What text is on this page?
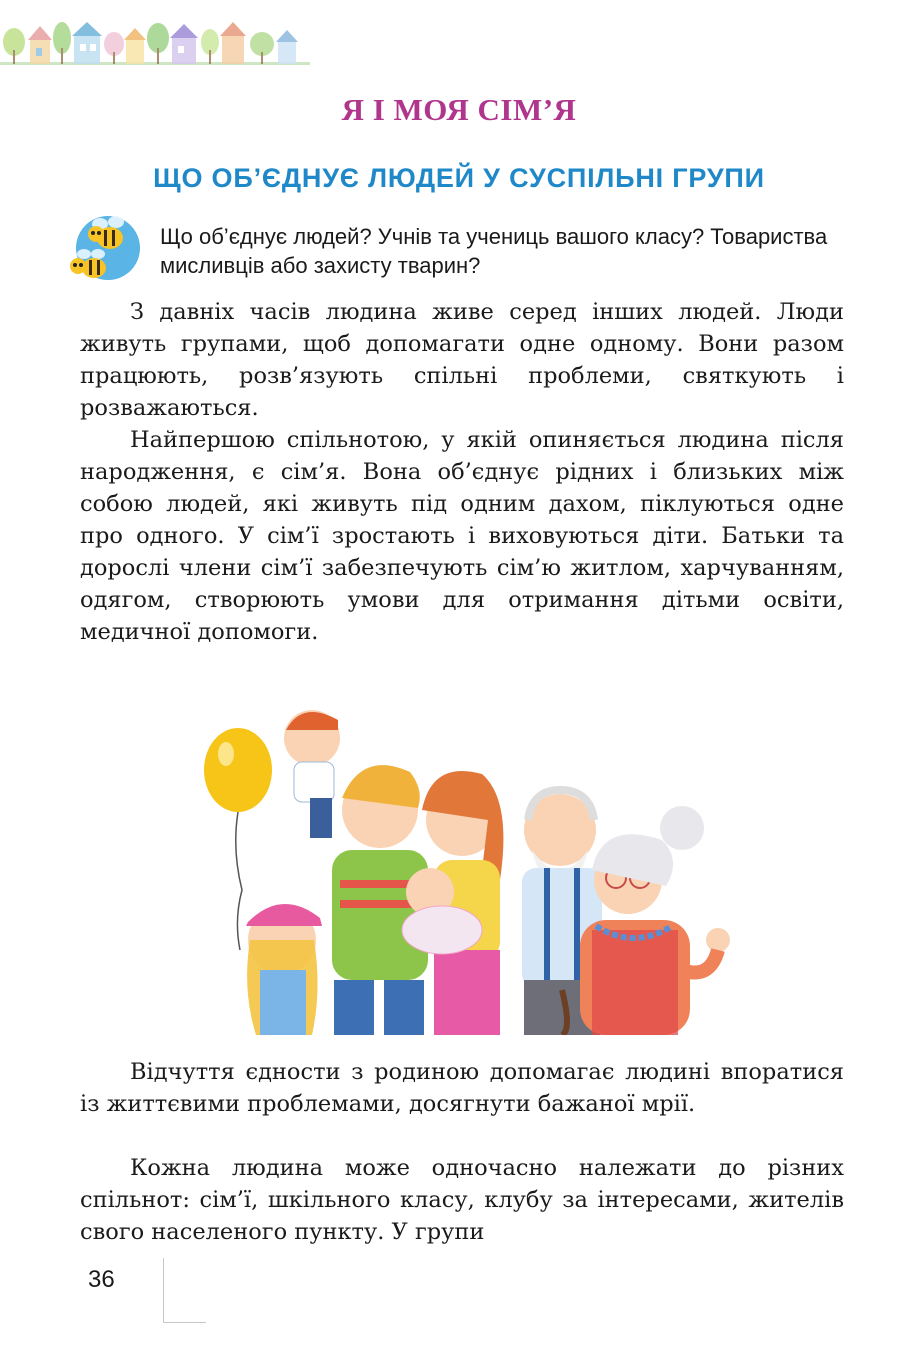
Я І МОЯ СІМ’Я
ЩО ОБ’ЄДНУЄ ЛЮДЕЙ У СУСПІЛЬНІ ГРУПИ
Що об’єднує людей? Учнів та учениць вашого класу? Товариства мисливців або захисту тварин?
З давніх часів людина живе серед інших людей. Люди живуть групами, щоб допомагати одне одному. Вони разом працюють, розв’язують спільні проблеми, святкують і розважаються.
Найпершою спільнотою, у якій опиняється людина після народження, є сім’я. Вона об’єднує рідних і близьких між собою людей, які живуть під одним дахом, піклуються одне про одного. У сім’ї зростають і виховуються діти. Батьки та дорослі члени сім’ї забезпечують сім’ю житлом, харчуванням, одягом, створюють умови для отримання дітьми освіти, медичної допомоги.
Відчуття єдности з родиною допомагає людині впоратися із життєвими проблемами, досягнути бажаної мрії.
Кожна людина може одночасно належати до різних спільнот: сім’ї, шкільного класу, клубу за інтересами, жителів свого населеного пункту. У групи
36
